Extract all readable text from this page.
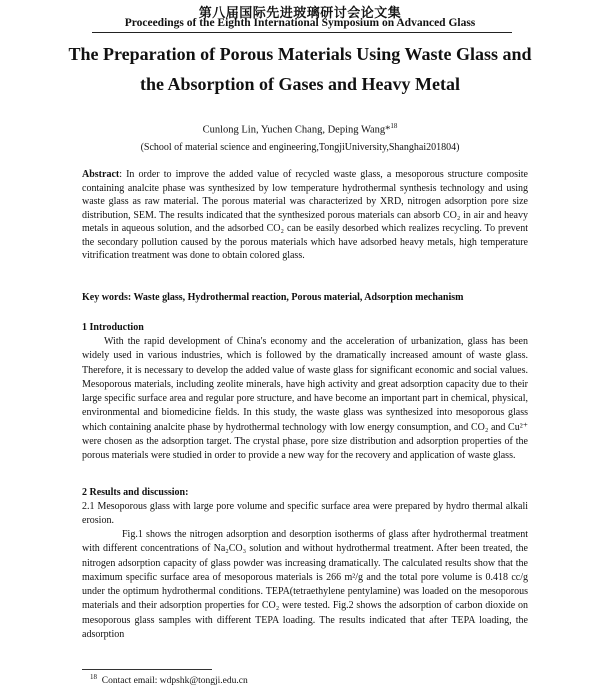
第八届国际先进玻璃研讨会论文集
Proceedings of the Eighth International Symposium on Advanced Glass
The Preparation of Porous Materials Using Waste Glass and
the Absorption of Gases and Heavy Metal
Cunlong Lin, Yuchen Chang, Deping Wang*$^{18}$
(School of material science and engineering,TongjiUniversity,Shanghai201804)
Abstract: In order to improve the added value of recycled waste glass, a mesoporous structure composite containing analcite phase was synthesized by low temperature hydrothermal synthesis technology and using waste glass as raw material. The porous material was characterized by XRD, nitrogen adsorption pore size distribution, SEM. The results indicated that the synthesized porous materials can absorb CO₂ in air and heavy metals in aqueous solution, and the adsorbed CO₂ can be easily desorbed which realizes recycling. To prevent the secondary pollution caused by the porous materials which have adsorbed heavy metals, high temperature vitrification treatment was done to obtain colored glass.
Key words: Waste glass, Hydrothermal reaction, Porous material, Adsorption mechanism
1 Introduction
With the rapid development of China's economy and the acceleration of urbanization, glass has been widely used in various industries, which is followed by the dramatically increased amount of waste glass. Therefore, it is necessary to develop the added value of waste glass for significant economic and social values. Mesoporous materials, including zeolite minerals, have high activity and great adsorption capacity due to their large specific surface area and regular pore structure, and have become an important part in chemical, physical, environmental and biomedicine fields. In this study, the waste glass was synthesized into mesoporous glass which containing analcite phase by hydrothermal technology with low energy consumption, and CO₂ and Cu²⁺ were chosen as the adsorption target. The crystal phase, pore size distribution and adsorption properties of the porous materials were studied in order to provide a new way for the recovery and application of waste glass.
2 Results and discussion:
2.1 Mesoporous glass with large pore volume and specific surface area were prepared by hydro thermal alkali erosion.
Fig.1 shows the nitrogen adsorption and desorption isotherms of glass after hydrothermal treatment with different concentrations of Na₂CO₃ solution and without hydrothermal treatment. After been treated, the nitrogen adsorption capacity of glass powder was increasing dramatically. The calculated results show that the maximum specific surface area of mesoporous materials is 266 m²/g and the total pore volume is 0.418 cc/g under the optimum hydrothermal conditions. TEPA(tetraethylene pentylamine) was loaded on the mesoporous materials and their adsorption properties for CO₂ were tested. Fig.2 shows the adsorption of carbon dioxide on mesoporous glass samples with different TEPA loading. The results indicated that after TEPA loading, the adsorption
$^{18}$ Contact email: wdpshk@tongji.edu.cn
